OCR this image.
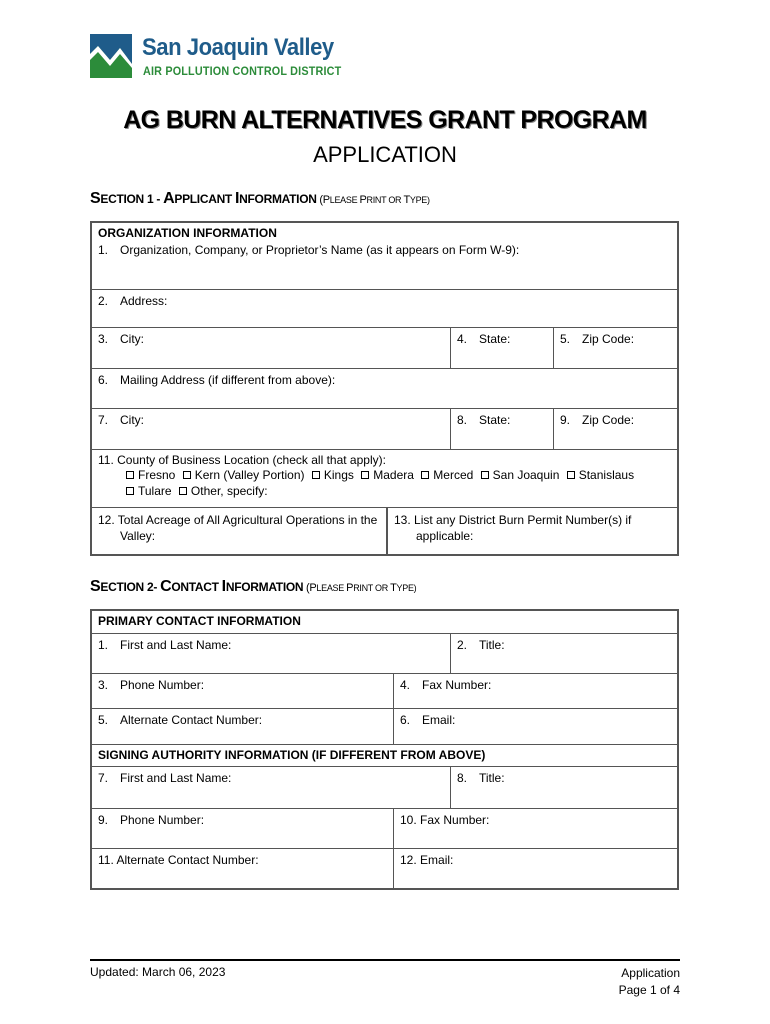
San Joaquin Valley
AIR POLLUTION CONTROL DISTRICT
AG BURN ALTERNATIVES GRANT PROGRAM
APPLICATION
SECTION 1 - APPLICANT INFORMATION (PLEASE PRINT OR TYPE)
ORGANIZATION INFORMATION
1. Organization, Company, or Proprietor’s Name (as it appears on Form W-9):
2. Address:
3. City:	4. State:	5. Zip Code:
6. Mailing Address (if different from above):
7. City:	8. State:	9. Zip Code:
11. County of Business Location (check all that apply):
Fresno Kern (Valley Portion) Kings Madera Merced San Joaquin Stanislaus
Tulare Other, specify:
12. Total Acreage of All Agricultural Operations in the
Valley:
13. List any District Burn Permit Number(s) if
applicable:
SECTION 2- CONTACT INFORMATION (PLEASE PRINT OR TYPE)
PRIMARY CONTACT INFORMATION
1. First and Last Name:	2. Title:
3. Phone Number:	4. Fax Number:
5. Alternate Contact Number:	6. Email:
SIGNING AUTHORITY INFORMATION (IF DIFFERENT FROM ABOVE)
7. First and Last Name:	8. Title:
9. Phone Number:	10. Fax Number:
11. Alternate Contact Number:	12. Email:
Updated: March 06, 2023	Application
Page 1 of 4
